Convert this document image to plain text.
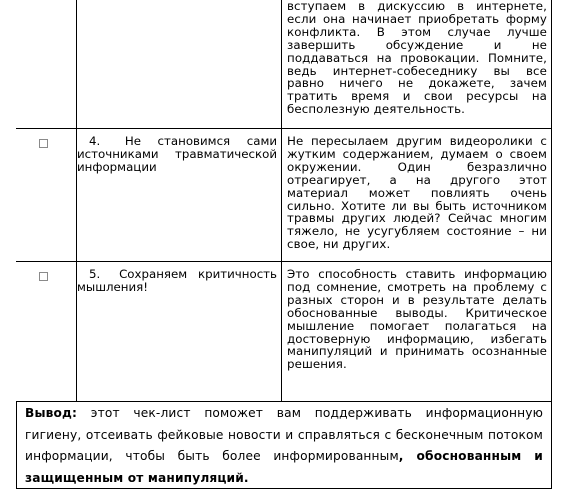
вступаем в дискуссию в интернете, если она начинает приобретать форму конфликта. В этом случае лучше завершить обсуждение и не поддаваться на провокации. Помните, ведь интернет-собеседнику вы все равно ничего не докажете, зачем тратить время и свои ресурсы на бесполезную деятельность.
4. Не становимся сами источниками травматической информации
Не пересылаем другим видеоролики с жутким содержанием, думаем о своем окружении. Один безразлично отреагирует, а на другого этот материал может повлиять очень сильно. Хотите ли вы быть источником травмы других людей? Сейчас многим тяжело, не усугубляем состояние – ни свое, ни других.
5. Сохраняем критичность мышления!
Это способность ставить информацию под сомнение, смотреть на проблему с разных сторон и в результате делать обоснованные выводы. Критическое мышление помогает полагаться на достоверную информацию, избегать манипуляций и принимать осознанные решения.
Вывод: этот чек-лист поможет вам поддерживать информационную гигиену, отсеивать фейковые новости и справляться с бесконечным потоком информации, чтобы быть более информированным, обоснованным и защищенным от манипуляций.
